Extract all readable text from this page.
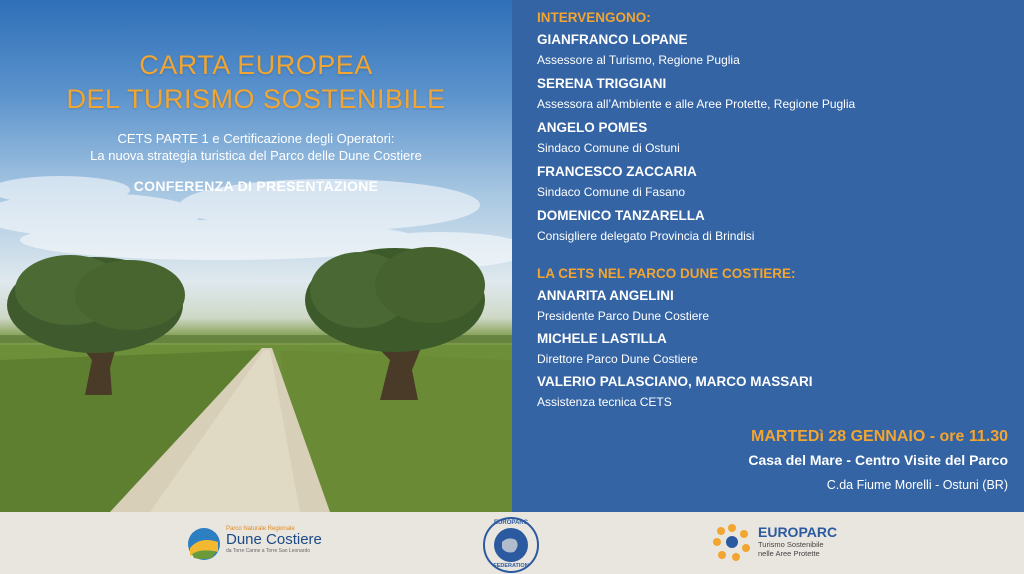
CARTA EUROPEA
DEL TURISMO SOSTENIBILE
CETS PARTE 1 e Certificazione degli Operatori:
La nuova strategia turistica del Parco delle Dune Costiere
CONFERENZA DI PRESENTAZIONE
INTERVENGONO:
GIANFRANCO LOPANE
Assessore al Turismo, Regione Puglia
SERENA TRIGGIANI
Assessora all’Ambiente e alle Aree Protette, Regione Puglia
ANGELO POMES
Sindaco Comune di Ostuni
FRANCESCO ZACCARIA
Sindaco Comune di Fasano
DOMENICO TANZARELLA
Consigliere delegato Provincia di Brindisi
LA CETS NEL PARCO DUNE COSTIERE:
ANNARITA ANGELINI
Presidente Parco Dune Costiere
MICHELE LASTILLA
Direttore Parco Dune Costiere
VALERIO PALASCIANO, MARCO MASSARI
Assistenza tecnica CETS
MARTEDì 28 GENNAIO - ore 11.30
Casa del Mare - Centro Visite del Parco
C.da Fiume Morelli - Ostuni (BR)
Parco Naturale Regionale
Dune Costiere
da Torre Canne a Torre San Leonardo
EUROPARC
FEDERATION
EUROPARC
Turismo Sostenibile
nelle Aree Protette
